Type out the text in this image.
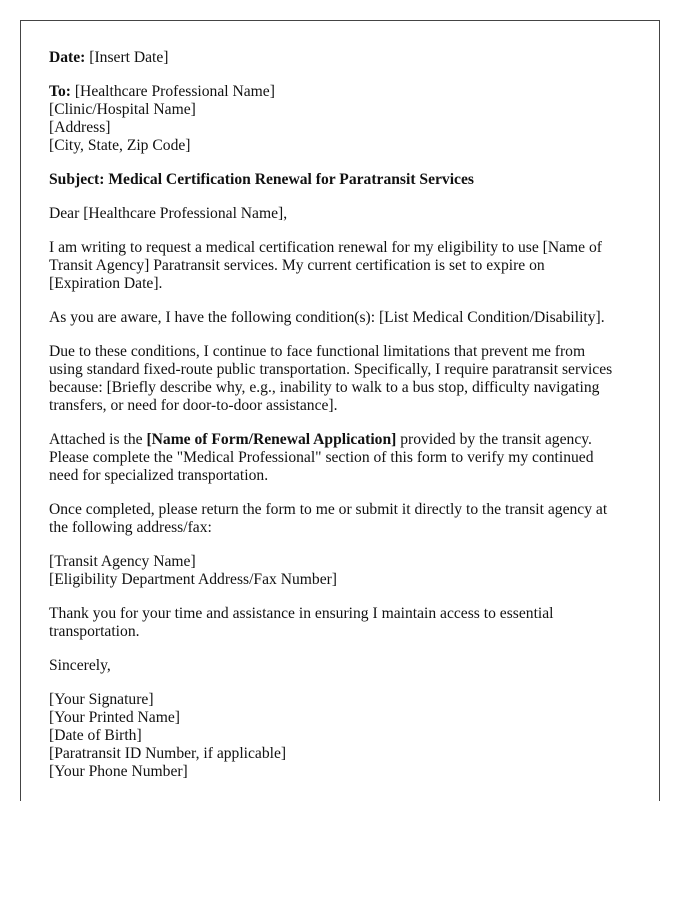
Date: [Insert Date]

To: [Healthcare Professional Name]
[Clinic/Hospital Name]
[Address]
[City, State, Zip Code]

Subject: Medical Certification Renewal for Paratransit Services

Dear [Healthcare Professional Name],

I am writing to request a medical certification renewal for my eligibility to use [Name of
Transit Agency] Paratransit services. My current certification is set to expire on
[Expiration Date].

As you are aware, I have the following condition(s): [List Medical Condition/Disability].

Due to these conditions, I continue to face functional limitations that prevent me from
using standard fixed-route public transportation. Specifically, I require paratransit services
because: [Briefly describe why, e.g., inability to walk to a bus stop, difficulty navigating
transfers, or need for door-to-door assistance].

Attached is the [Name of Form/Renewal Application] provided by the transit agency.
Please complete the "Medical Professional" section of this form to verify my continued
need for specialized transportation.

Once completed, please return the form to me or submit it directly to the transit agency at
the following address/fax:

[Transit Agency Name]
[Eligibility Department Address/Fax Number]

Thank you for your time and assistance in ensuring I maintain access to essential
transportation.

Sincerely,

[Your Signature]
[Your Printed Name]
[Date of Birth]
[Paratransit ID Number, if applicable]
[Your Phone Number]
